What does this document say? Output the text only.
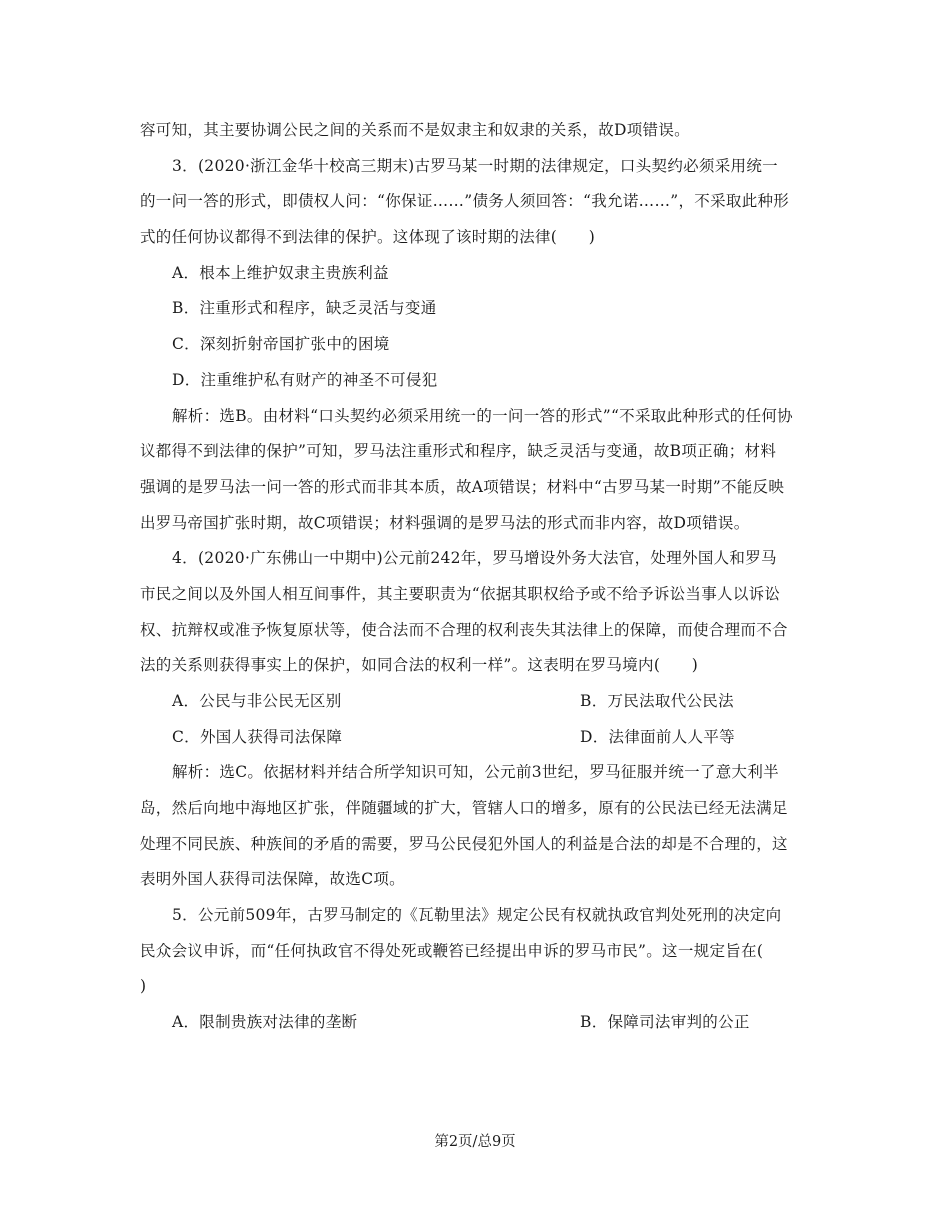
容可知，其主要协调公民之间的关系而不是奴隶主和奴隶的关系，故D项错误。
3．(2020·浙江金华十校高三期末)古罗马某一时期的法律规定，口头契约必须采用统一
的一问一答的形式，即债权人问：“你保证……”债务人须回答：“我允诺……”，不采取此种形
式的任何协议都得不到法律的保护。这体现了该时期的法律(　　)
A．根本上维护奴隶主贵族利益
B．注重形式和程序，缺乏灵活与变通
C．深刻折射帝国扩张中的困境
D．注重维护私有财产的神圣不可侵犯
解析：选B。由材料“口头契约必须采用统一的一问一答的形式”“不采取此种形式的任何协
议都得不到法律的保护”可知，罗马法注重形式和程序，缺乏灵活与变通，故B项正确；材料
强调的是罗马法一问一答的形式而非其本质，故A项错误；材料中“古罗马某一时期”不能反映
出罗马帝国扩张时期，故C项错误；材料强调的是罗马法的形式而非内容，故D项错误。
4．(2020·广东佛山一中期中)公元前242年，罗马增设外务大法官，处理外国人和罗马
市民之间以及外国人相互间事件，其主要职责为“依据其职权给予或不给予诉讼当事人以诉讼
权、抗辩权或准予恢复原状等，使合法而不合理的权利丧失其法律上的保障，而使合理而不合
法的关系则获得事实上的保护，如同合法的权利一样”。这表明在罗马境内(　　)
A．公民与非公民无区别	B．万民法取代公民法
C．外国人获得司法保障	D．法律面前人人平等
解析：选C。依据材料并结合所学知识可知，公元前3世纪，罗马征服并统一了意大利半
岛，然后向地中海地区扩张，伴随疆域的扩大，管辖人口的增多，原有的公民法已经无法满足
处理不同民族、种族间的矛盾的需要，罗马公民侵犯外国人的利益是合法的却是不合理的，这
表明外国人获得司法保障，故选C项。
5．公元前509年，古罗马制定的《瓦勒里法》规定公民有权就执政官判处死刑的决定向
民众会议申诉，而“任何执政官不得处死或鞭笞已经提出申诉的罗马市民”。这一规定旨在(
)
A．限制贵族对法律的垄断	B．保障司法审判的公正
第2页/总9页
